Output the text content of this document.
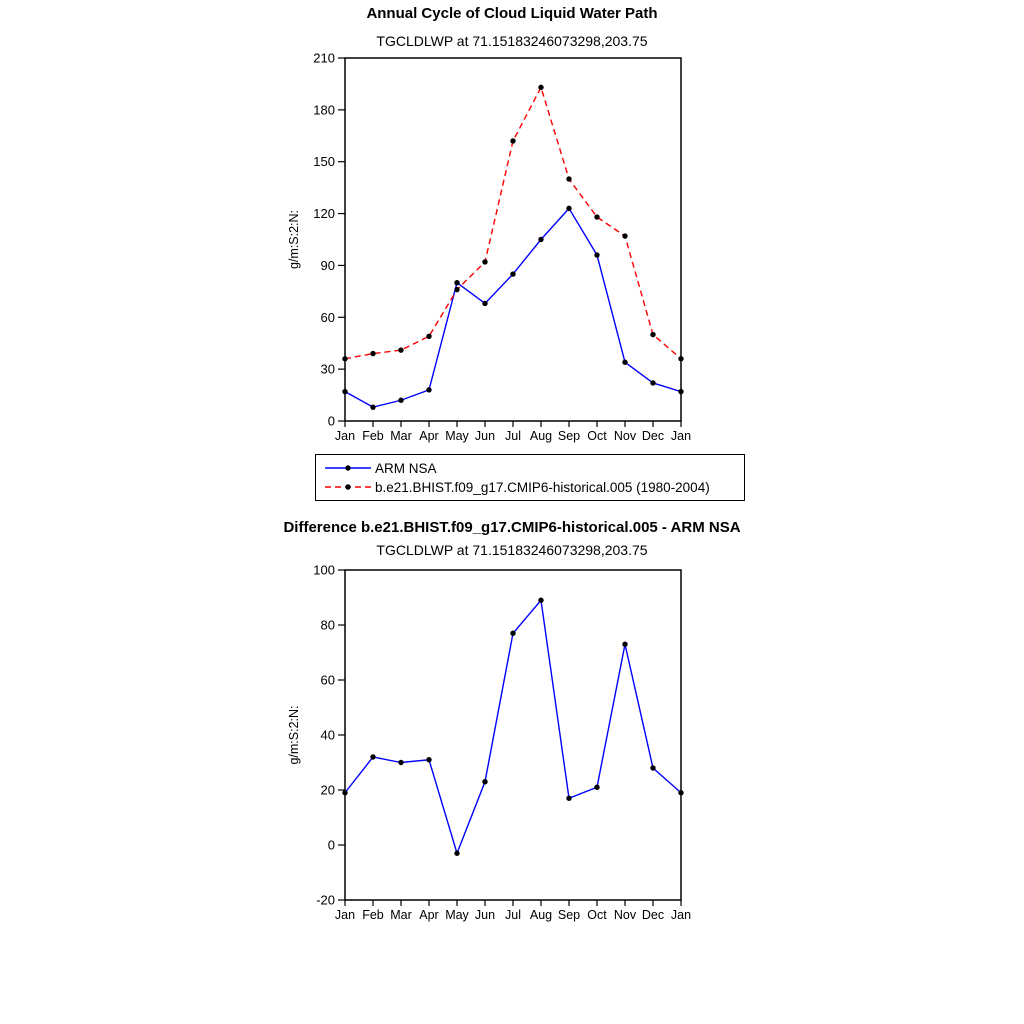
Annual Cycle of Cloud Liquid Water Path
TGCLDLWP at 71.15183246073298,203.75
0
30
60
90
120
150
180
210
Jan Feb Mar Apr May Jun Jul Aug Sep Oct Nov Dec Jan
g/m:S:2:N:
ARM NSA
b.e21.BHIST.f09_g17.CMIP6-historical.005 (1980-2004)
Difference b.e21.BHIST.f09_g17.CMIP6-historical.005 - ARM NSA
TGCLDLWP at 71.15183246073298,203.75
-20
0
20
40
60
80
100
Jan Feb Mar Apr May Jun Jul Aug Sep Oct Nov Dec Jan
g/m:S:2:N:
